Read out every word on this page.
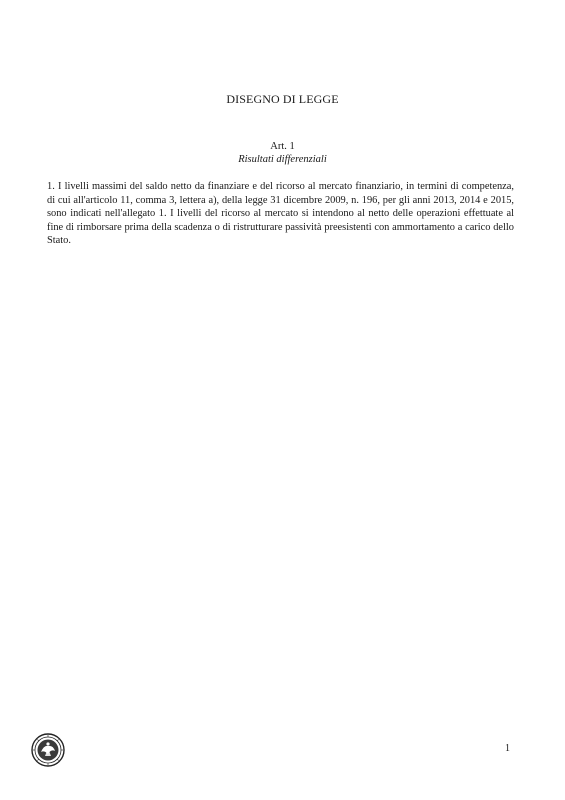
DISEGNO DI LEGGE
Art. 1
Risultati differenziali

1. I livelli massimi del saldo netto da finanziare e del ricorso al mercato finanziario, in termini di competenza, di cui all'articolo 11, comma 3, lettera a), della legge 31 dicembre 2009, n. 196, per gli anni 2013, 2014 e 2015, sono indicati nell'allegato 1. I livelli del ricorso al mercato si intendono al netto delle operazioni effettuate al fine di rimborsare prima della scadenza o di ristrutturare passività preesistenti con ammortamento a carico dello Stato.

1
